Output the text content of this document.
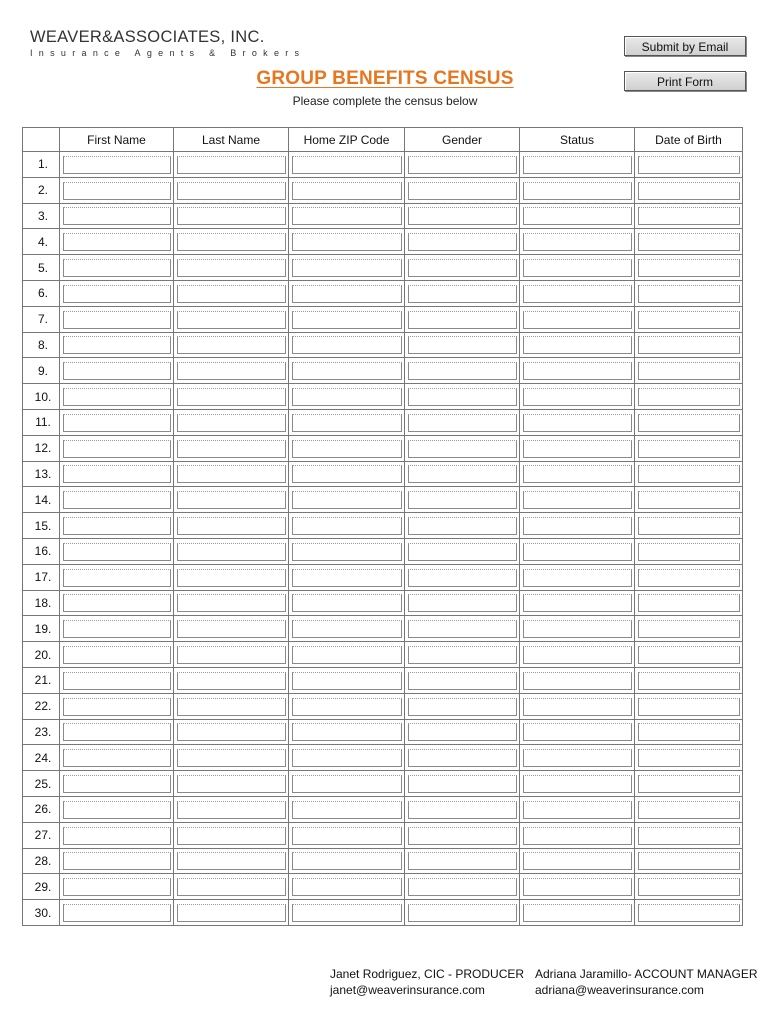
WEAVER&ASSOCIATES, INC.
Insurance Agents & Brokers	Submit by Email
Print Form
GROUP BENEFITS CENSUS
Please complete the census below
	First Name	Last Name	Home ZIP Code	Gender	Status	Date of Birth
1.	

2.	

3.	

4.	

5.	

6.	

7.	

8.	

9.	

10.	

11.	

12.	

13.	

14.	

15.	

16.	

17.	

18.	

19.	

20.	

21.	

22.	

23.	

24.	

25.	

26.	

27.	

28.	

29.	

30.	

Janet Rodriguez, CIC - PRODUCER
janet@weaverinsurance.com
Adriana Jaramillo- ACCOUNT MANAGER
adriana@weaverinsurance.com
